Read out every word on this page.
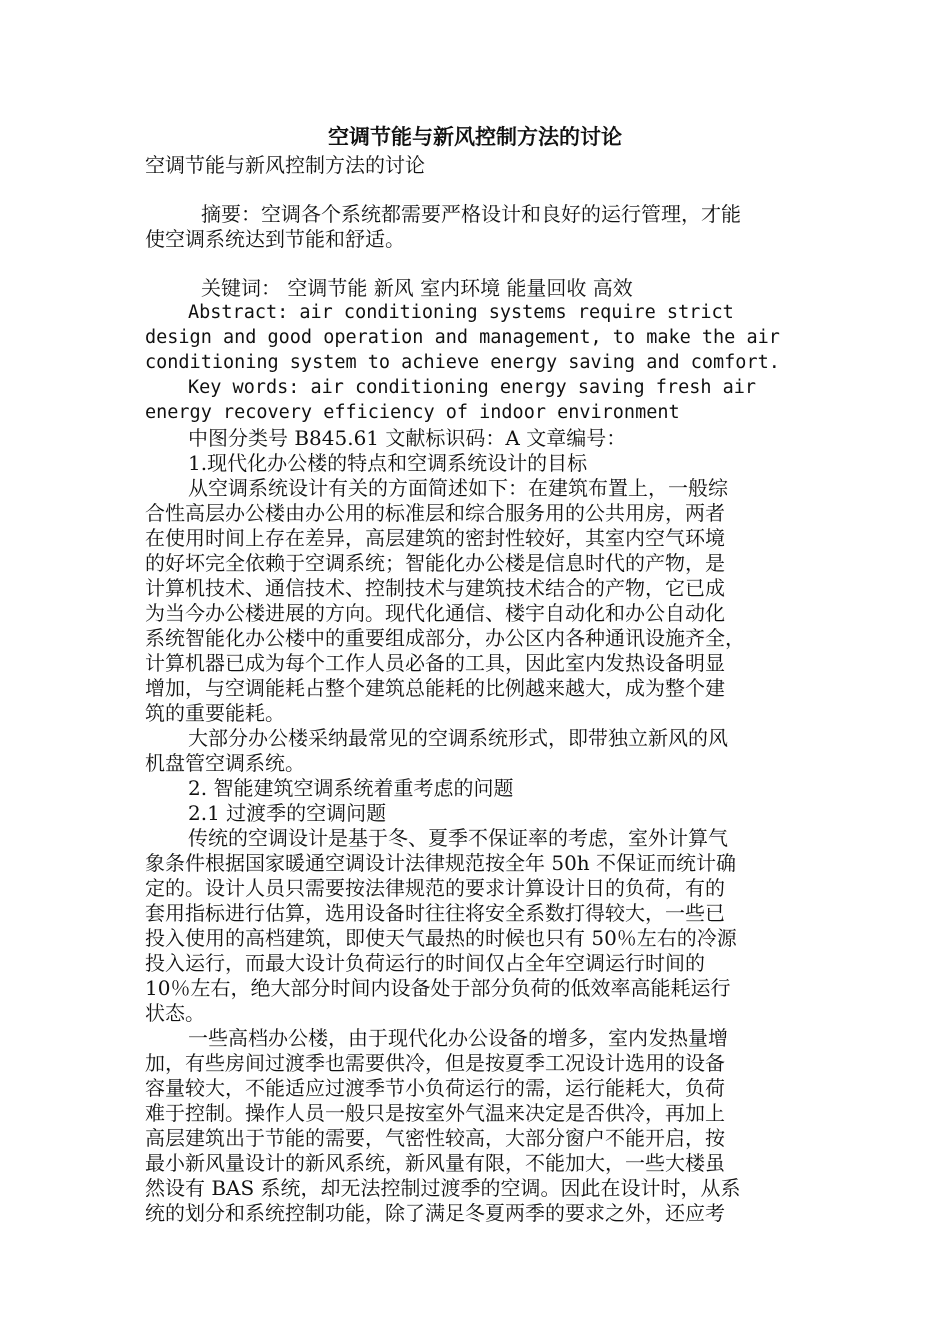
空调节能与新风控制方法的讨论
空调节能与新风控制方法的讨论
摘要：空调各个系统都需要严格设计和良好的运行管理，才能
使空调系统达到节能和舒适。
关键词： 空调节能 新风 室内环境 能量回收 高效
Abstract: air conditioning systems require strict
design and good operation and management, to make the air
conditioning system to achieve energy saving and comfort.
Key words: air conditioning energy saving fresh air
energy recovery efficiency of indoor environment
中图分类号 B845.61 文献标识码：A 文章编号：
1.现代化办公楼的特点和空调系统设计的目标
从空调系统设计有关的方面简述如下：在建筑布置上，一般综
合性高层办公楼由办公用的标准层和综合服务用的公共用房，两者
在使用时间上存在差异，高层建筑的密封性较好，其室内空气环境
的好坏完全依赖于空调系统；智能化办公楼是信息时代的产物，是
计算机技术、通信技术、控制技术与建筑技术结合的产物，它已成
为当今办公楼进展的方向。现代化通信、楼宇自动化和办公自动化
系统智能化办公楼中的重要组成部分，办公区内各种通讯设施齐全，
计算机器已成为每个工作人员必备的工具，因此室内发热设备明显
增加，与空调能耗占整个建筑总能耗的比例越来越大，成为整个建
筑的重要能耗。
大部分办公楼采纳最常见的空调系统形式，即带独立新风的风
机盘管空调系统。
2. 智能建筑空调系统着重考虑的问题
2.1 过渡季的空调问题
传统的空调设计是基于冬、夏季不保证率的考虑，室外计算气
象条件根据国家暖通空调设计法律规范按全年 50h 不保证而统计确
定的。设计人员只需要按法律规范的要求计算设计日的负荷，有的
套用指标进行估算，选用设备时往往将安全系数打得较大，一些已
投入使用的高档建筑，即使天气最热的时候也只有 50％左右的冷源
投入运行，而最大设计负荷运行的时间仅占全年空调运行时间的
10％左右，绝大部分时间内设备处于部分负荷的低效率高能耗运行
状态。
一些高档办公楼，由于现代化办公设备的增多，室内发热量增
加，有些房间过渡季也需要供冷，但是按夏季工况设计选用的设备
容量较大，不能适应过渡季节小负荷运行的需，运行能耗大，负荷
难于控制。操作人员一般只是按室外气温来决定是否供冷，再加上
高层建筑出于节能的需要，气密性较高，大部分窗户不能开启，按
最小新风量设计的新风系统，新风量有限，不能加大，一些大楼虽
然设有 BAS 系统，却无法控制过渡季的空调。因此在设计时，从系
统的划分和系统控制功能，除了满足冬夏两季的要求之外，还应考
